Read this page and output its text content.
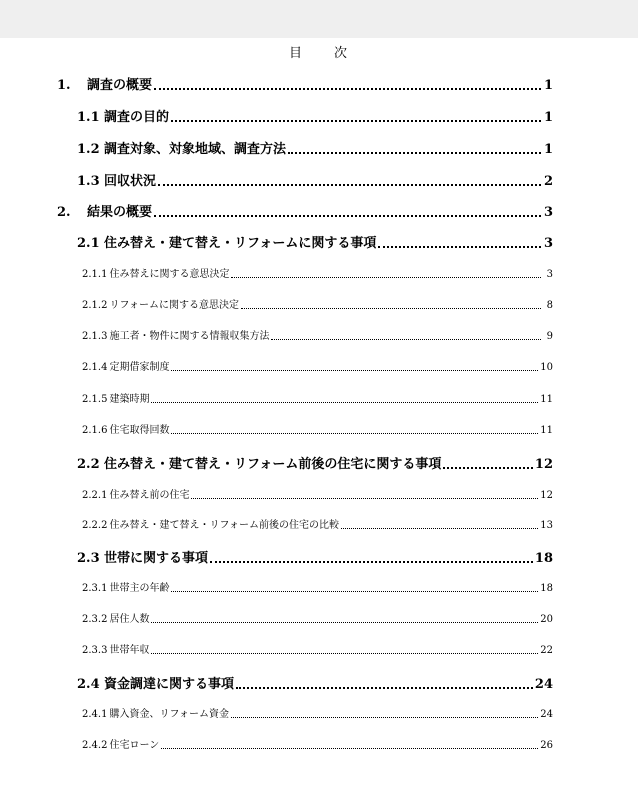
目　　次
1.	調査の概要	1
1.1 調査の目的	1
1.2 調査対象、対象地域、調査方法	1
1.3 回収状況	2
2.	結果の概要	3
2.1 住み替え・建て替え・リフォームに関する事項	3
2.1.1 住み替えに関する意思決定	3
2.1.2 リフォームに関する意思決定	8
2.1.3 施工者・物件に関する情報収集方法	9
2.1.4 定期借家制度	10
2.1.5 建築時期	11
2.1.6 住宅取得回数	11
2.2 住み替え・建て替え・リフォーム前後の住宅に関する事項	12
2.2.1 住み替え前の住宅	12
2.2.2 住み替え・建て替え・リフォーム前後の住宅の比較	13
2.3 世帯に関する事項	18
2.3.1 世帯主の年齢	18
2.3.2 居住人数	20
2.3.3 世帯年収	22
2.4 資金調達に関する事項	24
2.4.1 購入資金、リフォーム資金	24
2.4.2 住宅ローン	26
